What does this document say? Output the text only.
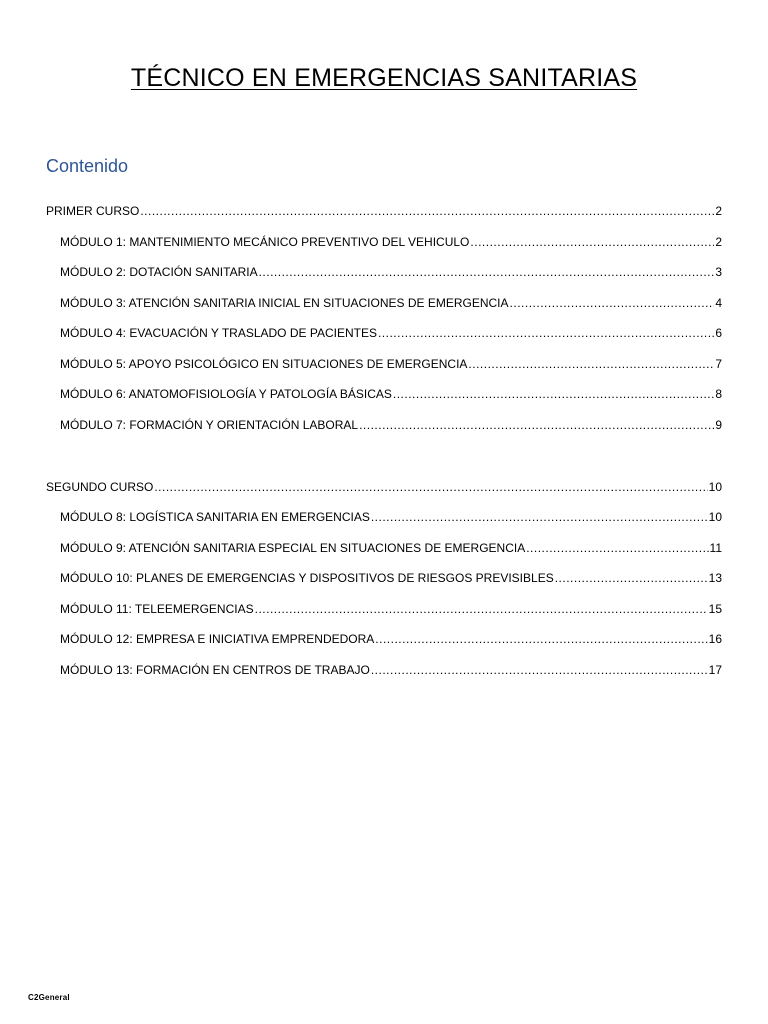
TÉCNICO EN EMERGENCIAS SANITARIAS
Contenido
PRIMER CURSO .....	2
MÓDULO 1: MANTENIMIENTO MECÁNICO PREVENTIVO DEL VEHICULO .....	2
MÓDULO 2: DOTACIÓN SANITARIA .....	3
MÓDULO 3: ATENCIÓN SANITARIA INICIAL EN SITUACIONES DE EMERGENCIA .....	4
MÓDULO 4: EVACUACIÓN Y TRASLADO DE PACIENTES .....	6
MÓDULO 5: APOYO PSICOLÓGICO EN SITUACIONES DE EMERGENCIA .....	7
MÓDULO 6: ANATOMOFISIOLOGÍA Y PATOLOGÍA BÁSICAS .....	8
MÓDULO 7: FORMACIÓN Y ORIENTACIÓN LABORAL .....	9
SEGUNDO CURSO .....	10
MÓDULO 8: LOGÍSTICA SANITARIA EN EMERGENCIAS .....	10
MÓDULO 9: ATENCIÓN SANITARIA ESPECIAL EN SITUACIONES DE EMERGENCIA .....	11
MÓDULO 10: PLANES DE EMERGENCIAS Y DISPOSITIVOS DE RIESGOS PREVISIBLES .....	13
MÓDULO 11: TELEEMERGENCIAS .....	15
MÓDULO 12: EMPRESA E INICIATIVA EMPRENDEDORA .....	16
MÓDULO 13: FORMACIÓN EN CENTROS DE TRABAJO .....	17
C2General
